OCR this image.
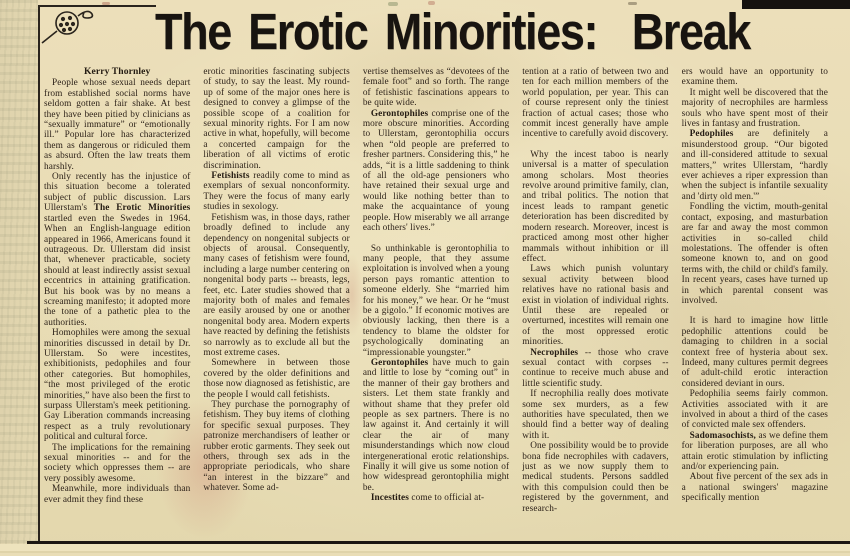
The Erotic Minorities:  Break
Kerry Thornley

People whose sexual needs depart from established social norms have seldom gotten a fair shake. At best they have been pitied by clinicians as “sexually immature” or “emotionally ill.” Popular lore has characterized them as dangerous or ridiculed them as absurd. Often the law treats them harshly.

Only recently has the injustice of this situation become a tolerated subject of public discussion. Lars Ullerstam's The Erotic Minorities startled even the Swedes in 1964. When an English-language edition appeared in 1966, Americans found it outrageous. Dr. Ullerstam did insist that, whenever practicable, society should at least indirectly assist sexual eccentrics in attaining gratification. But his book was by no means a screaming manifesto; it adopted more the tone of a pathetic plea to the authorities.

Homophiles were among the sexual minorities discussed in detail by Dr. Ullerstam. So were incestites, exhibitionists, pedophiles and four other categories. But homophiles, “the most privileged of the erotic minorities,” have also been the first to surpass Ullerstam's meek petitioning. Gay Liberation commands increasing respect as a truly revolutionary political and cultural force.

The implications for the remaining sexual minorities -- and for the society which oppresses them -- are very possibly awesome.

Meanwhile, more individuals than ever admit they find these

erotic minorities fascinating subjects of study, to say the least. My round-up of some of the major ones here is designed to convey a glimpse of the possible scope of a coalition for sexual minority rights. For I am now active in what, hopefully, will become a concerted campaign for the liberation of all victims of erotic discrimination.

Fetishists readily come to mind as exemplars of sexual nonconformity. They were the focus of many early studies in sexology.

Fetishism was, in those days, rather broadly defined to include any dependency on nongenital subjects or objects of arousal. Consequently, many cases of fetishism were found, including a large number centering on nongenital body parts -- breasts, legs, feet, etc. Later studies showed that a majority both of males and females are easily aroused by one or another nongenital body area. Modern experts have reacted by defining the fetishists so narrowly as to exclude all but the most extreme cases.

Somewhere in between those covered by the older definitions and those now diagnosed as fetishistic, are the people I would call fetishists.

They purchase the pornography of fetishism. They buy items of clothing for specific sexual purposes. They patronize merchandisers of leather or rubber erotic garments. They seek out others, through sex ads in the appropriate periodicals, who share “an interest in the bizzare” and whatever. Some ad-

vertise themselves as “devotees of the female foot” and so forth. The range of fetishistic fascinations appears to be quite wide.

Gerontophiles comprise one of the more obscure minorities. According to Ullerstam, gerontophilia occurs when “old people are preferred to fresher partners. Considering this,” he adds, “it is a little saddening to think of all the old-age pensioners who have retained their sexual urge and would like nothing better than to make the acquaintance of young people. How miserably we all arrange each others' lives.”

So unthinkable is gerontophilia to many people, that they assume exploitation is involved when a young person pays romantic attention to someone elderly. She “married him for his money,” we hear. Or he “must be a gigolo.” If economic motives are obviously lacking, then there is a tendency to blame the oldster for psychologically dominating an “impressionable youngster.”

Gerontophiles have much to gain and little to lose by “coming out” in the manner of their gay brothers and sisters. Let them state frankly and without shame that they prefer old people as sex partners. There is no law against it. And certainly it will clear the air of many misunderstandings which now cloud intergenerational erotic relationships. Finally it will give us some notion of how widespread gerontophilia might be.

Incestites come to official at-

tention at a ratio of between two and ten for each million members of the world population, per year. This can of course represent only the tiniest fraction of actual cases; those who commit incest generally have ample incentive to carefully avoid discovery.

Why the incest taboo is nearly universal is a matter of speculation among scholars. Most theories revolve around primitive family, clan, and tribal politics. The notion that incest leads to rampant genetic deterioration has been discredited by modern research. Moreover, incest is practiced among most other higher mammals without inhibition or ill effect.

Laws which punish voluntary sexual activity between blood relatives have no rational basis and exist in violation of individual rights. Until these are repealed or overturned, incestites will remain one of the most oppressed erotic minorities.

Necrophiles -- those who crave sexual contact with corpses -- continue to receive much abuse and little scientific study.

If necrophilia really does motivate some sex murders, as a few authorities have speculated, then we should find a better way of dealing with it.

One possibility would be to provide bona fide necrophiles with cadavers, just as we now supply them to medical students. Persons saddled with this compulsion could then be registered by the government, and research-

ers would have an opportunity to examine them.

It might well be discovered that the majority of necrophiles are harmless souls who have spent most of their lives in fantasy and frustration.

Pedophiles are definitely a misunderstood group. “Our bigoted and ill-considered attitude to sexual matters,” writes Ullerstam, “hardly ever achieves a riper expression than when the subject is infantile sexuality and 'dirty old men.'”

Fondling the victim, mouth-genital contact, exposing, and masturbation are far and away the most common activities in so-called child molestations. The offender is often someone known to, and on good terms with, the child or child's family. In recent years, cases have turned up in which parental consent was involved.

It is hard to imagine how little pedophilic attentions could be damaging to children in a social context free of hysteria about sex. Indeed, many cultures permit degrees of adult-child erotic interaction considered deviant in ours.

Pedophilia seems fairly common. Activities associated with it are involved in about a third of the cases of convicted male sex offenders.

Sadomasochists, as we define them for liberation purposes, are all who attain erotic stimulation by inflicting and/or experiencing pain.

About five percent of the sex ads in a national swingers' magazine specifically mention
